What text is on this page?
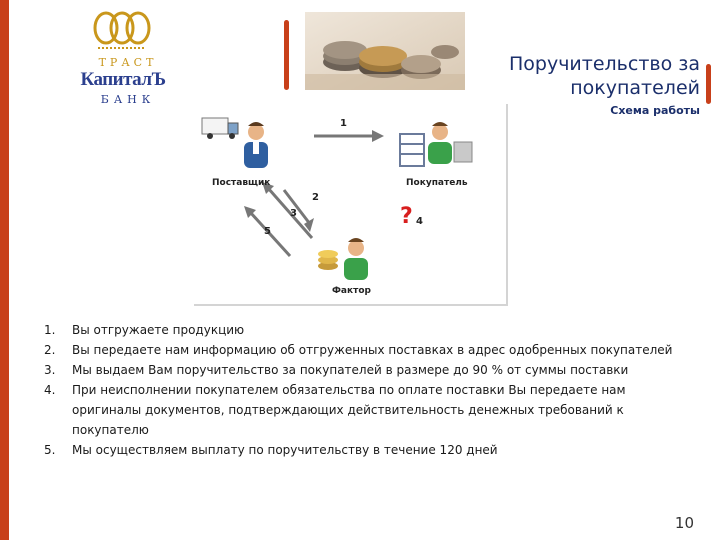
ТРАСТ
КапиталЪ
БАНК
Поручительство за
покупателей
Схема работы
Поставщик	Покупатель
Фактор
1
2
3	? 4
5
1. Вы отгружаете продукцию
2. Вы передаете нам информацию об отгруженных поставках в адрес одобренных покупателей
3. Мы выдаем Вам поручительство за покупателей в размере до 90 % от суммы поставки
4. При неисполнении покупателем обязательства по оплате поставки Вы передаете нам оригиналы документов, подтверждающих действительность денежных требований к покупателю
5. Мы осуществляем выплату по поручительству в течение 120 дней
10
